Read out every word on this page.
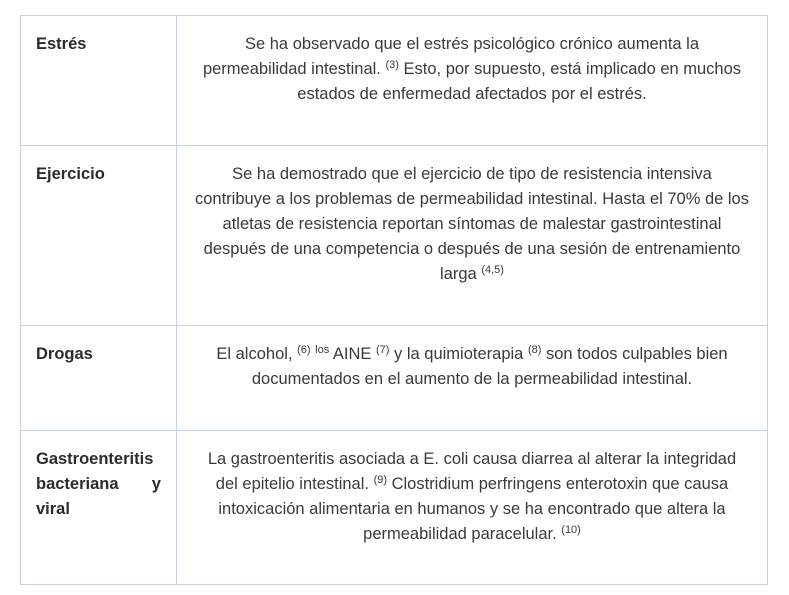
Estrés	Se ha observado que el estrés psicológico crónico aumenta la permeabilidad intestinal. $^{(3)}$ Esto, por supuesto, está implicado en muchos estados de enfermedad afectados por el estrés.
Ejercicio	Se ha demostrado que el ejercicio de tipo de resistencia intensiva contribuye a los problemas de permeabilidad intestinal. Hasta el 70% de los atletas de resistencia reportan síntomas de malestar gastrointestinal después de una competencia o después de una sesión de entrenamiento larga $^{(4,5)}$
Drogas	El alcohol, $^{(6)}$ $^{los}$ AINE $^{(7)}$ y la quimioterapia $^{(8)}$ son todos culpables bien documentados en el aumento de la permeabilidad intestinal.
Gastroenteritis bacteriana y viral	La gastroenteritis asociada a E. coli causa diarrea al alterar la integridad del epitelio intestinal. $^{(9)}$ Clostridium perfringens enterotoxin que causa intoxicación alimentaria en humanos y se ha encontrado que altera la permeabilidad paracelular. $^{(10)}$
